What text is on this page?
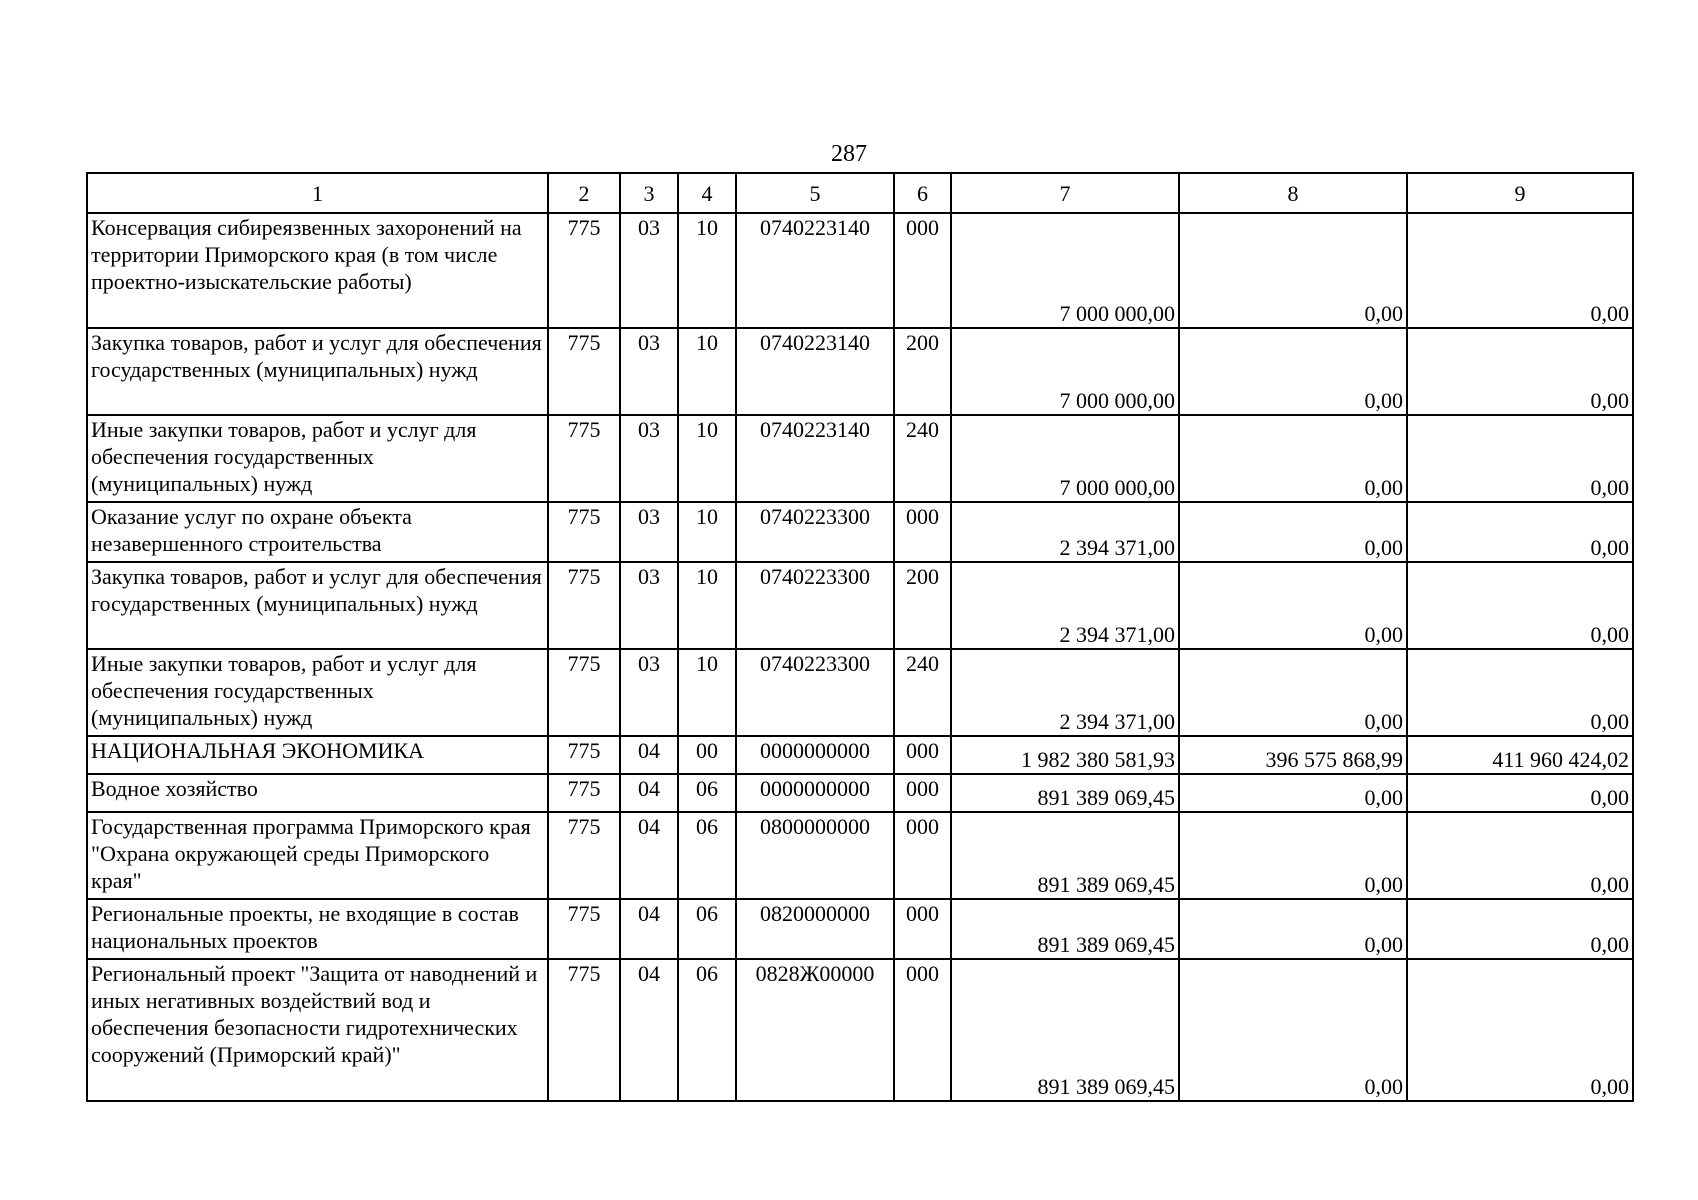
287
1	2	3	4	5	6	7	8	9
Консервация сибиреязвенных захоронений на территории Приморского края (в том числе проектно-изыскательские работы)	775	03	10	0740223140	000	7 000 000,00	0,00	0,00
Закупка товаров, работ и услуг для обеспечения государственных (муниципальных) нужд	775	03	10	0740223140	200	7 000 000,00	0,00	0,00
Иные закупки товаров, работ и услуг для обеспечения государственных (муниципальных) нужд	775	03	10	0740223140	240	7 000 000,00	0,00	0,00
Оказание услуг по охране объекта незавершенного строительства	775	03	10	0740223300	000	2 394 371,00	0,00	0,00
Закупка товаров, работ и услуг для обеспечения государственных (муниципальных) нужд	775	03	10	0740223300	200	2 394 371,00	0,00	0,00
Иные закупки товаров, работ и услуг для обеспечения государственных (муниципальных) нужд	775	03	10	0740223300	240	2 394 371,00	0,00	0,00
НАЦИОНАЛЬНАЯ ЭКОНОМИКА	775	04	00	0000000000	000	1 982 380 581,93	396 575 868,99	411 960 424,02
Водное хозяйство	775	04	06	0000000000	000	891 389 069,45	0,00	0,00
Государственная программа Приморского края "Охрана окружающей среды Приморского края"	775	04	06	0800000000	000	891 389 069,45	0,00	0,00
Региональные проекты, не входящие в состав национальных проектов	775	04	06	0820000000	000	891 389 069,45	0,00	0,00
Региональный проект "Защита от наводнений и иных негативных воздействий вод и обеспечения безопасности гидротехнических сооружений (Приморский край)"	775	04	06	0828Ж00000	000	891 389 069,45	0,00	0,00
